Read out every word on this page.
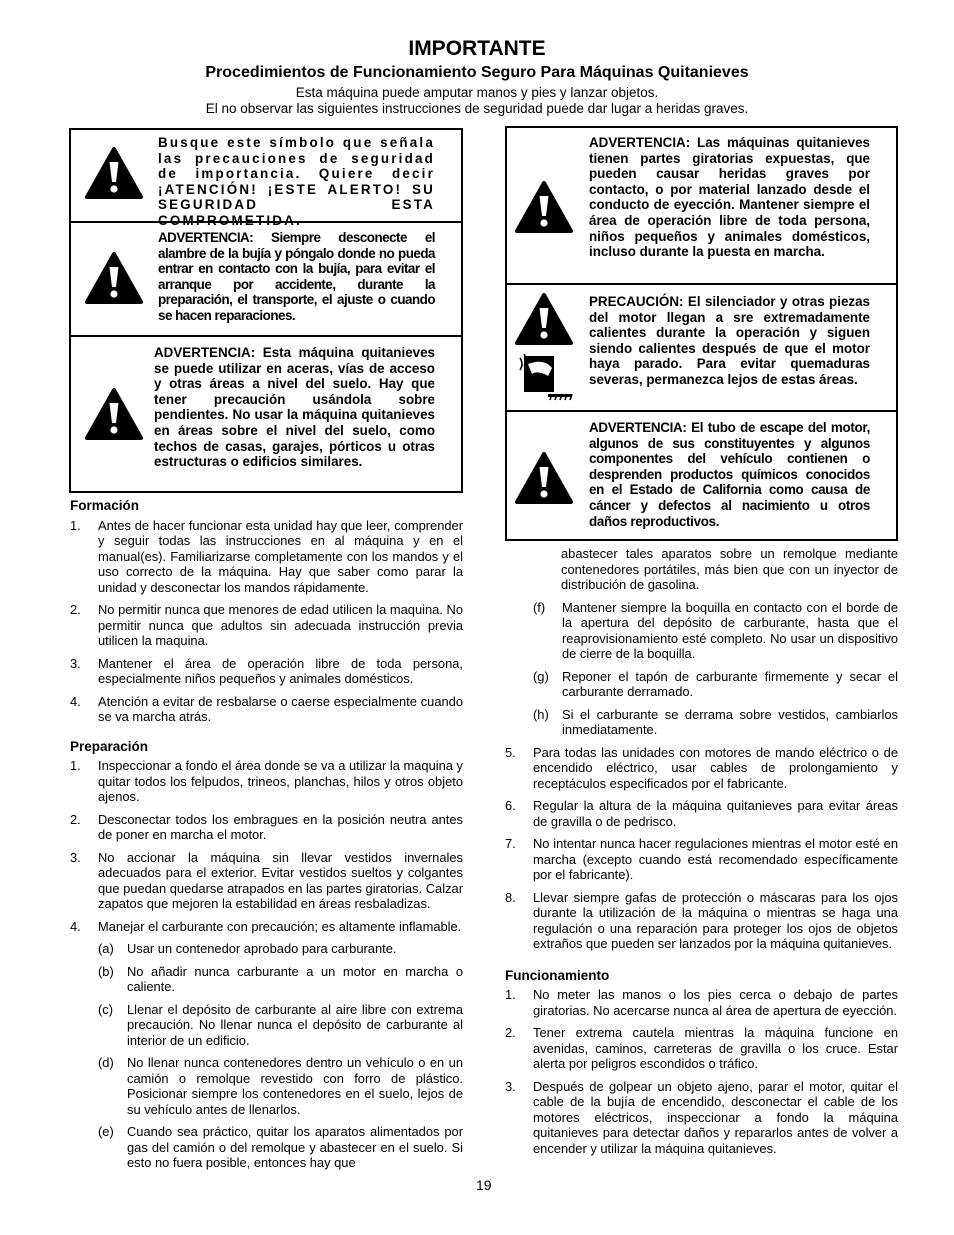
IMPORTANTE
Procedimientos de Funcionamiento Seguro Para Máquinas Quitanieves
Esta máquina puede amputar manos y pies y lanzar objetos.
El no observar las siguientes instrucciones de seguridad puede dar lugar a heridas graves.
Busque este símbolo que señala las precauciones de seguridad de importancia. Quiere decir ¡ATENCIÓN! ¡ESTE ALERTO! SU SEGURIDAD ESTA COMPROMETIDA.
ADVERTENCIA: Siempre desconecte el alambre de la bujía y póngalo donde no pueda entrar en contacto con la bujía, para evitar el arranque por accidente, durante la preparación, el transporte, el ajuste o cuando se hacen reparaciones.
ADVERTENCIA: Esta máquina quitanieves se puede utilizar en aceras, vías de acceso y otras áreas a nivel del suelo. Hay que tener precaución usándola sobre pendientes. No usar la máquina quitanieves en áreas sobre el nivel del suelo, como techos de casas, garajes, pórticos u otras estructuras o edificios similares.
ADVERTENCIA: Las máquinas quitanieves tienen partes giratorias expuestas, que pueden causar heridas graves por contacto, o por material lanzado desde el conducto de eyección. Mantener siempre el área de operación libre de toda persona, niños pequeños y animales domésticos, incluso durante la puesta en marcha.
PRECAUCIÓN: El silenciador y otras piezas del motor llegan a sre extremadamente calientes durante la operación y siguen siendo calientes después de que el motor haya parado. Para evitar quemaduras severas, permanezca lejos de estas áreas.
ADVERTENCIA: El tubo de escape del motor, algunos de sus constituyentes y algunos componentes del vehículo contienen o desprenden productos químicos conocidos en el Estado de California como causa de cáncer y defectos al nacimiento u otros daños reproductivos.
Formación
1. Antes de hacer funcionar esta unidad hay que leer, comprender y seguir todas las instrucciones en al máquina y en el manual(es). Familiarizarse completamente con los mandos y el uso correcto de la máquina. Hay que saber como parar la unidad y desconectar los mandos rápidamente.
2. No permitir nunca que menores de edad utilicen la maquina. No permitir nunca que adultos sin adecuada instrucción previa utilicen la maquina.
3. Mantener el área de operación libre de toda persona, especialmente niños pequeños y animales domésticos.
4. Atención a evitar de resbalarse o caerse especialmente cuando se va marcha atrás.
Preparación
1. Inspeccionar a fondo el área donde se va a utilizar la maquina y quitar todos los felpudos, trineos, planchas, hilos y otros objeto ajenos.
2. Desconectar todos los embragues en la posición neutra antes de poner en marcha el motor.
3. No accionar la máquina sin llevar vestidos invernales adecuados para el exterior. Evitar vestidos sueltos y colgantes que puedan quedarse atrapados en las partes giratorias. Calzar zapatos que mejoren la estabilidad en áreas resbaladizas.
4. Manejar el carburante con precaución; es altamente inflamable.
(a) Usar un contenedor aprobado para carburante.
(b) No añadir nunca carburante a un motor en marcha o caliente.
(c) Llenar el depósito de carburante al aire libre con extrema precaución. No llenar nunca el depósito de carburante al interior de un edificio.
(d) No llenar nunca contenedores dentro un vehículo o en un camión o remolque revestido con forro de plástico. Posicionar siempre los contenedores en el suelo, lejos de su vehículo antes de llenarlos.
(e) Cuando sea práctico, quitar los aparatos alimentados por gas del camión o del remolque y abastecer en el suelo. Si esto no fuera posible, entonces hay que
19
abastecer tales aparatos sobre un remolque mediante contenedores portátiles, más bien que con un inyector de distribución de gasolina.
(f) Mantener siempre la boquilla en contacto con el borde de la apertura del depósito de carburante, hasta que el reaprovisionamiento esté completo. No usar un dispositivo de cierre de la boquilla.
(g) Reponer el tapón de carburante firmemente y secar el carburante derramado.
(h) Si el carburante se derrama sobre vestidos, cambiarlos inmediatamente.
5. Para todas las unidades con motores de mando eléctrico o de encendido eléctrico, usar cables de prolongamiento y receptáculos especificados por el fabricante.
6. Regular la altura de la máquina quitanieves para evitar áreas de gravilla o de pedrisco.
7. No intentar nunca hacer regulaciones mientras el motor esté en marcha (excepto cuando está recomendado específicamente por el fabricante).
8. Llevar siempre gafas de protección o máscaras para los ojos durante la utilización de la máquina o mientras se haga una regulación o una reparación para proteger los ojos de objetos extraños que pueden ser lanzados por la máquina quitanieves.
Funcionamiento
1. No meter las manos o los pies cerca o debajo de partes giratorias. No acercarse nunca al área de apertura de eyección.
2. Tener extrema cautela mientras la máquina funcione en avenidas, caminos, carreteras de gravilla o los cruce. Estar alerta por peligros escondidos o tráfico.
3. Después de golpear un objeto ajeno, parar el motor, quitar el cable de la bujía de encendido, desconectar el cable de los motores eléctricos, inspeccionar a fondo la máquina quitanieves para detectar daños y repararlos antes de volver a encender y utilizar la máquina quitanieves.
